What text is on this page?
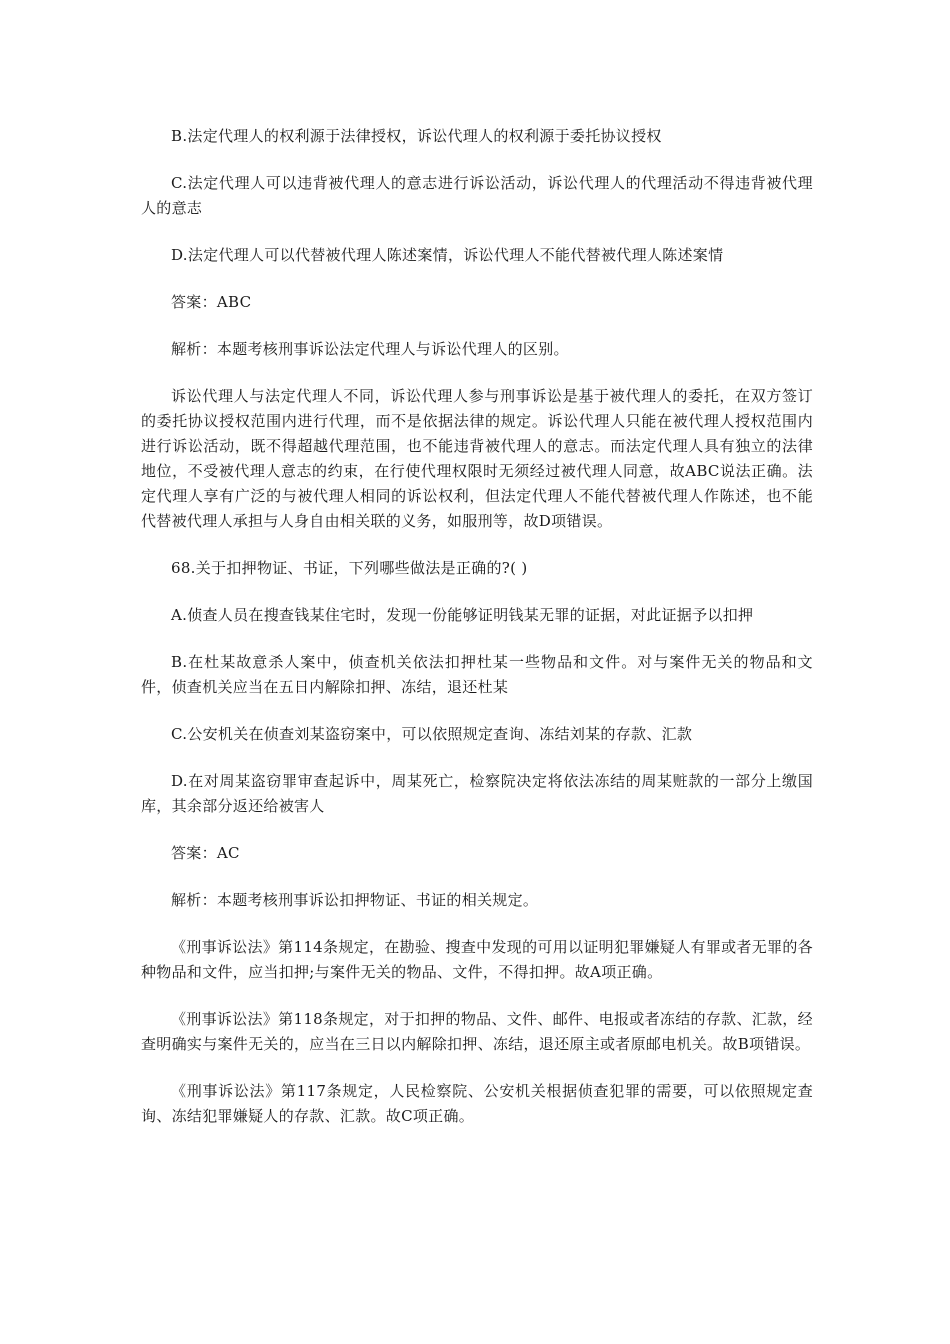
B.法定代理人的权利源于法律授权，诉讼代理人的权利源于委托协议授权

C.法定代理人可以违背被代理人的意志进行诉讼活动，诉讼代理人的代理活动不得违背被代理人的意志

D.法定代理人可以代替被代理人陈述案情，诉讼代理人不能代替被代理人陈述案情

答案：ABC

解析：本题考核刑事诉讼法定代理人与诉讼代理人的区别。

诉讼代理人与法定代理人不同，诉讼代理人参与刑事诉讼是基于被代理人的委托，在双方签订的委托协议授权范围内进行代理，而不是依据法律的规定。诉讼代理人只能在被代理人授权范围内进行诉讼活动，既不得超越代理范围，也不能违背被代理人的意志。而法定代理人具有独立的法律地位，不受被代理人意志的约束，在行使代理权限时无须经过被代理人同意，故ABC说法正确。法定代理人享有广泛的与被代理人相同的诉讼权利，但法定代理人不能代替被代理人作陈述，也不能代替被代理人承担与人身自由相关联的义务，如服刑等，故D项错误。

68.关于扣押物证、书证，下列哪些做法是正确的?( )

A.侦查人员在搜查钱某住宅时，发现一份能够证明钱某无罪的证据，对此证据予以扣押

B.在杜某故意杀人案中，侦查机关依法扣押杜某一些物品和文件。对与案件无关的物品和文件，侦查机关应当在五日内解除扣押、冻结，退还杜某

C.公安机关在侦查刘某盗窃案中，可以依照规定查询、冻结刘某的存款、汇款

D.在对周某盗窃罪审查起诉中，周某死亡，检察院决定将依法冻结的周某赃款的一部分上缴国库，其余部分返还给被害人

答案：AC

解析：本题考核刑事诉讼扣押物证、书证的相关规定。

《刑事诉讼法》第114条规定，在勘验、搜查中发现的可用以证明犯罪嫌疑人有罪或者无罪的各种物品和文件，应当扣押;与案件无关的物品、文件，不得扣押。故A项正确。

《刑事诉讼法》第118条规定，对于扣押的物品、文件、邮件、电报或者冻结的存款、汇款，经查明确实与案件无关的，应当在三日以内解除扣押、冻结，退还原主或者原邮电机关。故B项错误。

《刑事诉讼法》第117条规定，人民检察院、公安机关根据侦查犯罪的需要，可以依照规定查询、冻结犯罪嫌疑人的存款、汇款。故C项正确。
